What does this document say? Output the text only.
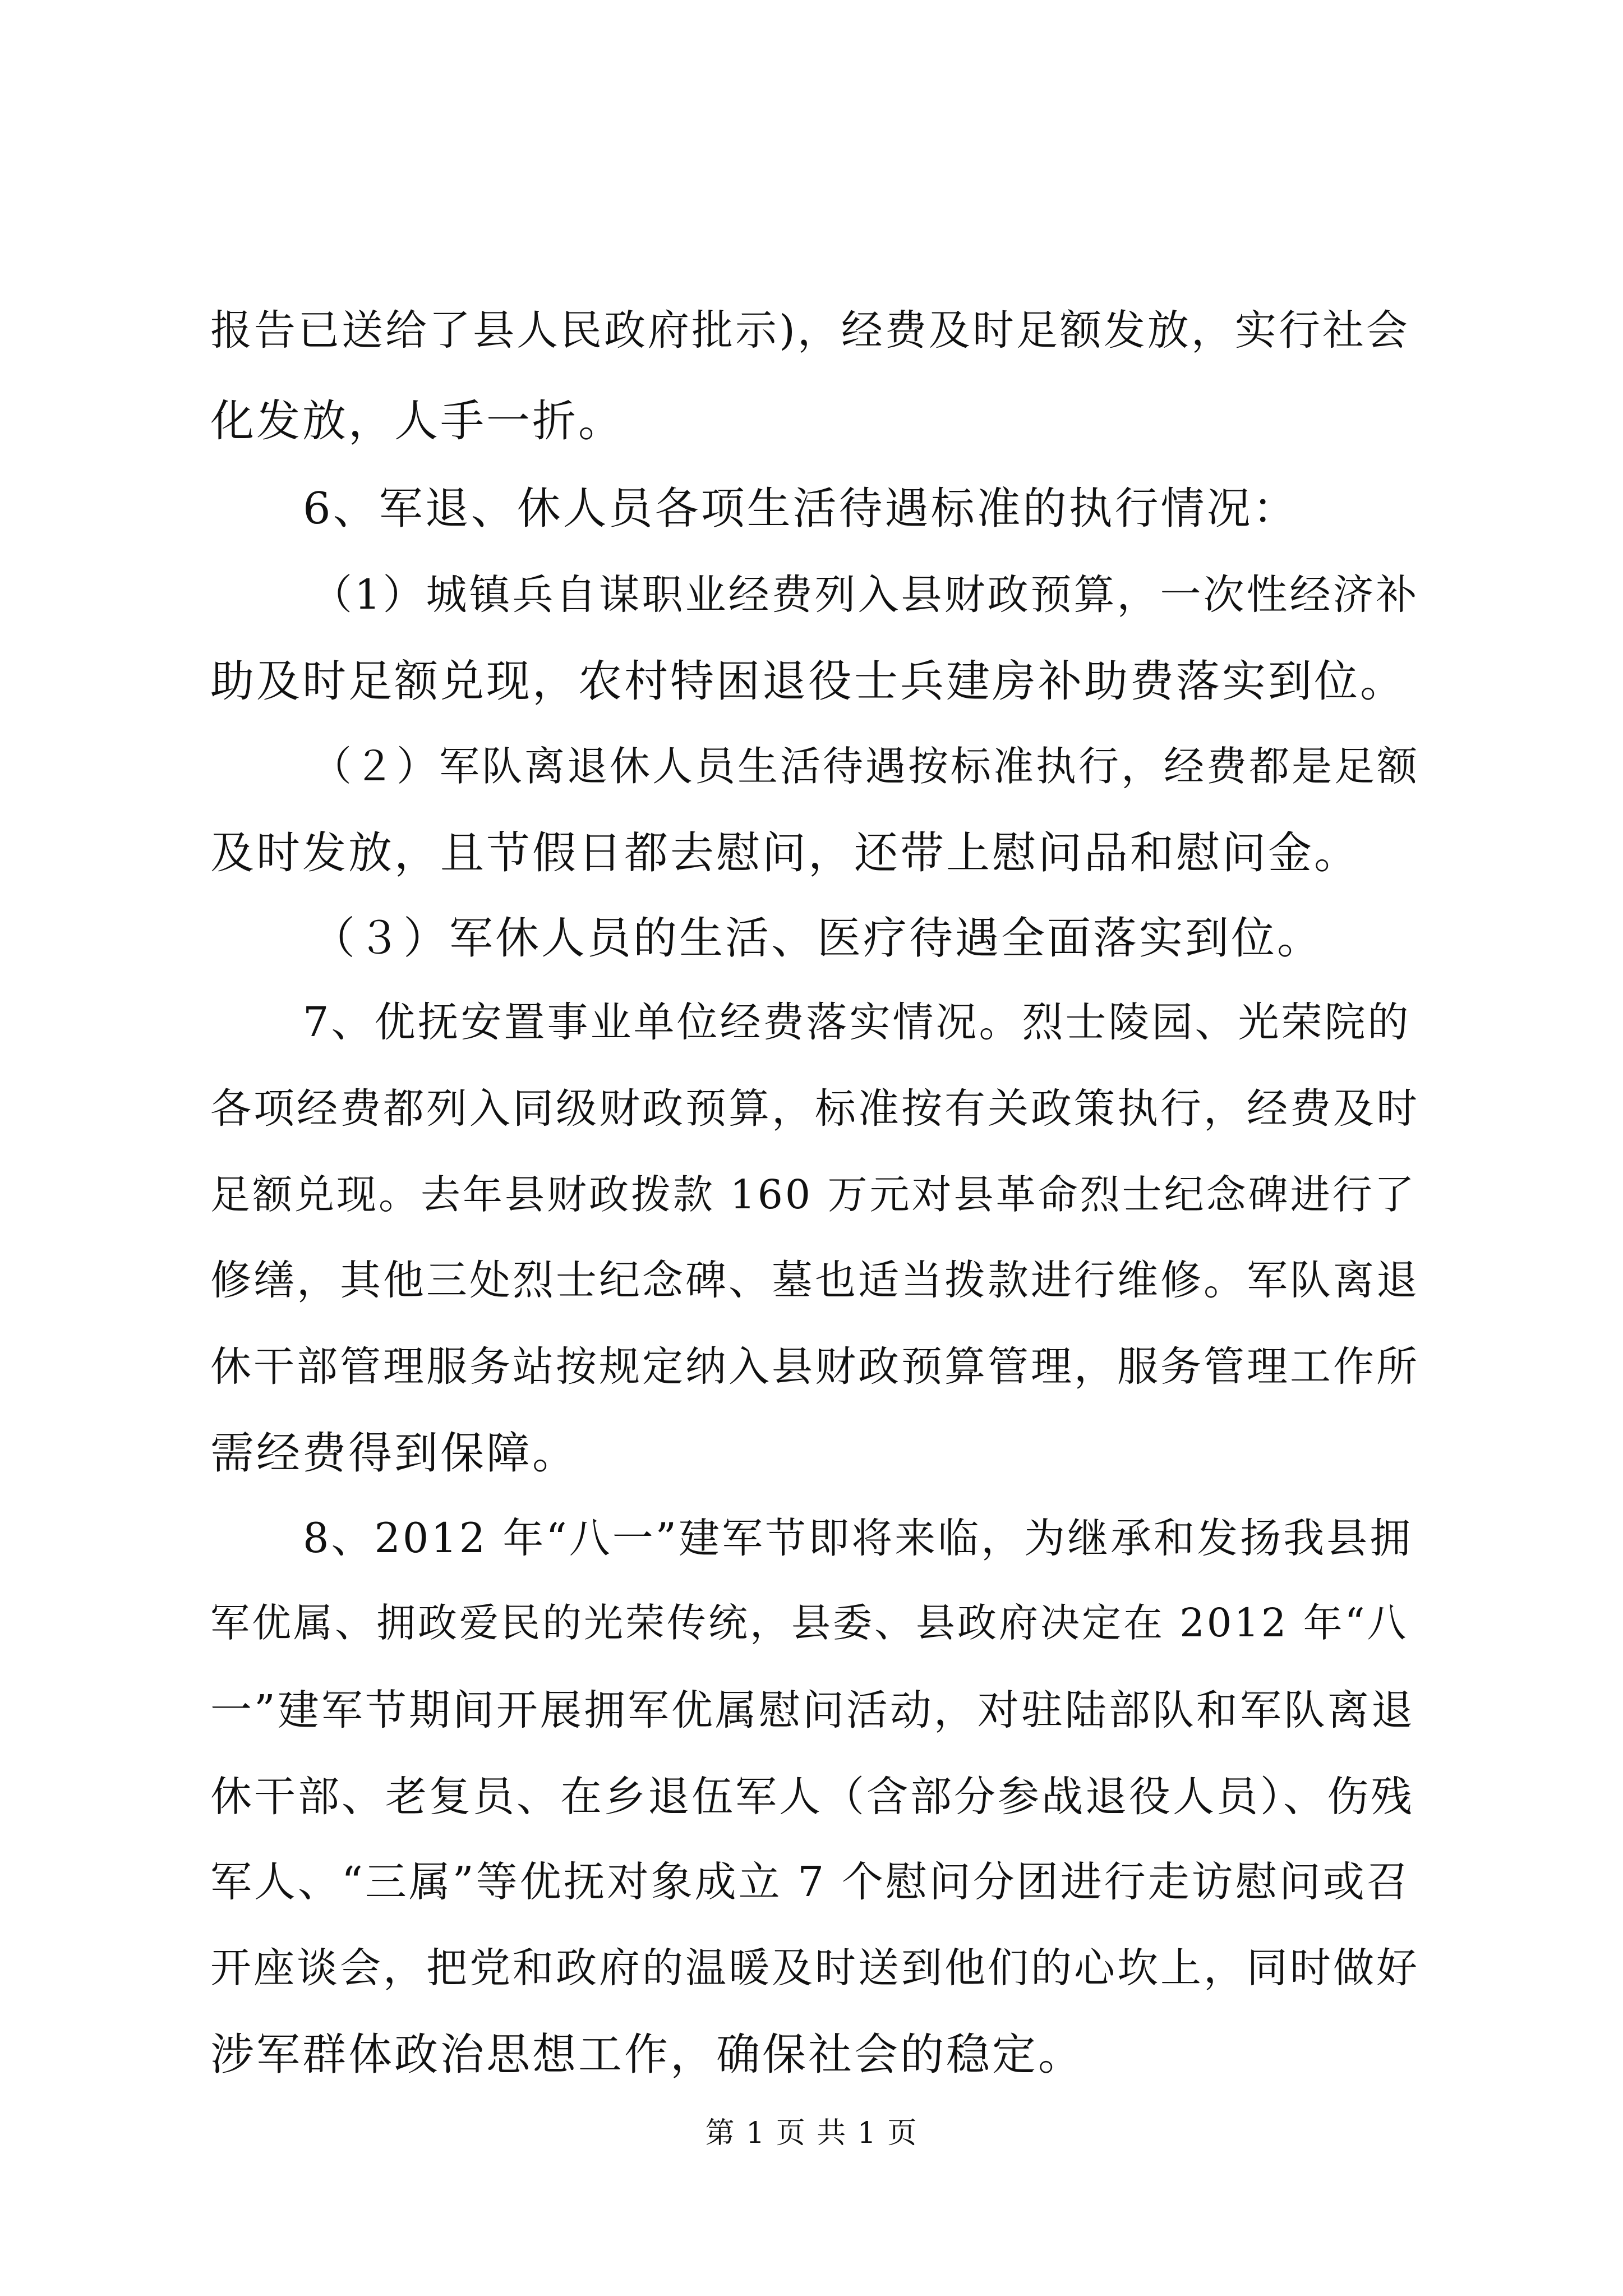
报告已送给了县人民政府批示)，经费及时足额发放，实行社会
化发放，人手一折。
6、军退、休人员各项生活待遇标准的执行情况：
（1）城镇兵自谋职业经费列入县财政预算，一次性经济补
助及时足额兑现，农村特困退役士兵建房补助费落实到位。
（２）军队离退休人员生活待遇按标准执行，经费都是足额
及时发放，且节假日都去慰问，还带上慰问品和慰问金。
（３）军休人员的生活、医疗待遇全面落实到位。
7、优抚安置事业单位经费落实情况。烈士陵园、光荣院的
各项经费都列入同级财政预算，标准按有关政策执行，经费及时
足额兑现。去年县财政拨款 160 万元对县革命烈士纪念碑进行了
修缮，其他三处烈士纪念碑、墓也适当拨款进行维修。军队离退
休干部管理服务站按规定纳入县财政预算管理，服务管理工作所
需经费得到保障。
8、2012 年“八一”建军节即将来临，为继承和发扬我县拥
军优属、拥政爱民的光荣传统，县委、县政府决定在 2012 年“八
一”建军节期间开展拥军优属慰问活动，对驻陆部队和军队离退
休干部、老复员、在乡退伍军人（含部分参战退役人员）、伤残
军人、“三属”等优抚对象成立 7 个慰问分团进行走访慰问或召
开座谈会，把党和政府的温暖及时送到他们的心坎上，同时做好
涉军群体政治思想工作，确保社会的稳定。
第 1 页 共 1 页
